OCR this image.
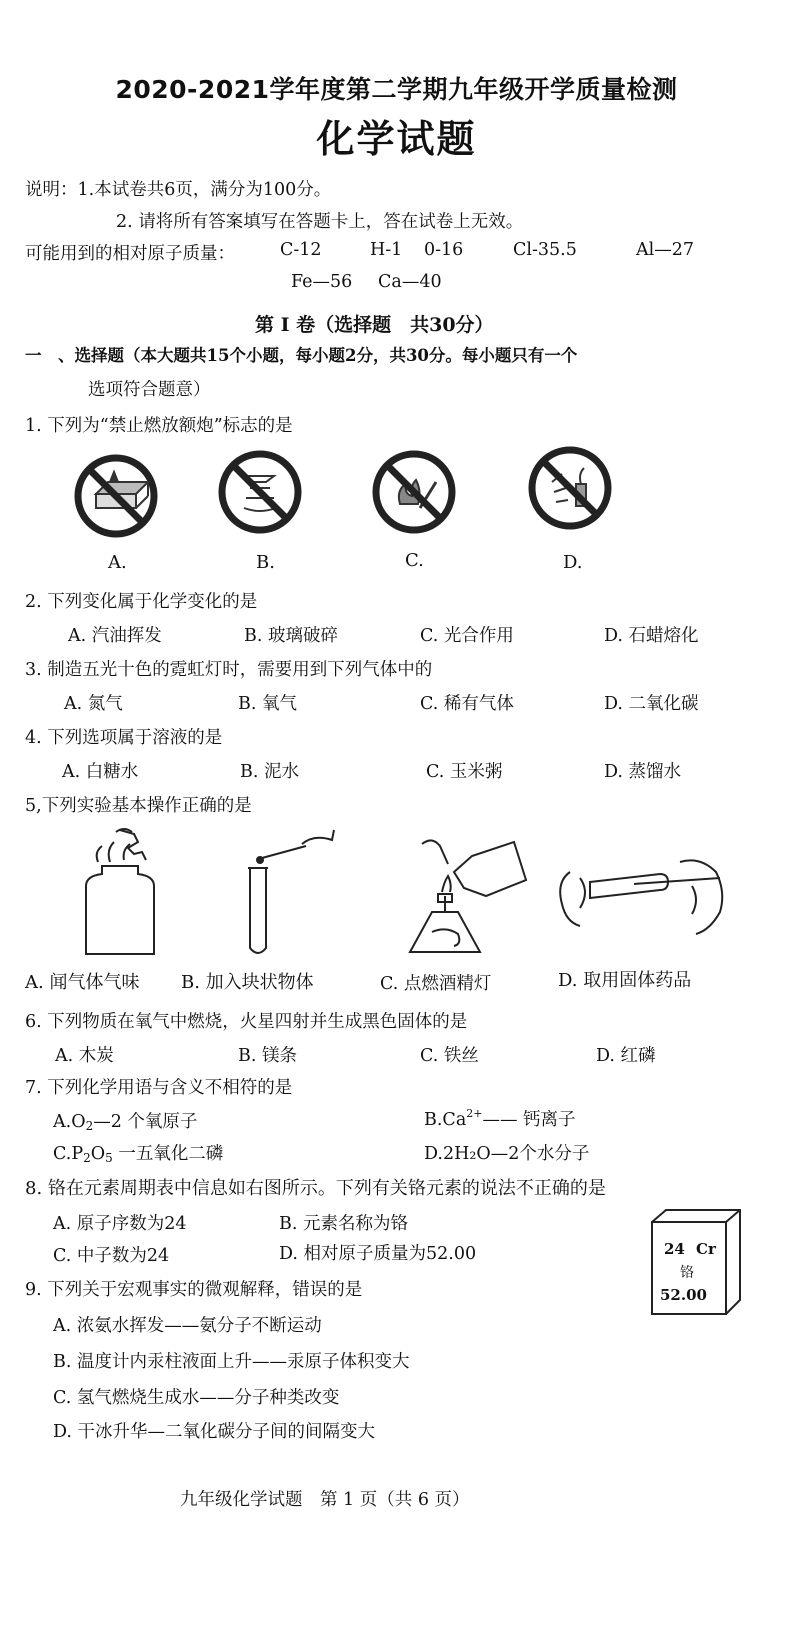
2020-2021学年度第二学期九年级开学质量检测
化学试题
说明：1.本试卷共6页，满分为100分。
2. 请将所有答案填写在答题卡上，答在试卷上无效。
可能用到的相对原子质量：	C-12	H-1 0-16	Cl-35.5	Al—27
Fe—56 Ca—40
第 I 卷（选择题　共30分）
一　、选择题（本大题共15个小题，每小题2分，共30分。每小题只有一个
选项符合题意）
1. 下列为“禁止燃放额炮”标志的是
A.	B.	C.	D.
2. 下列变化属于化学变化的是
A. 汽油挥发	B. 玻璃破碎	C. 光合作用	D. 石蜡熔化
3. 制造五光十色的霓虹灯时，需要用到下列气体中的
A. 氮气	B. 氧气	C. 稀有气体	D. 二氧化碳
4. 下列选项属于溶液的是
A. 白糖水	B. 泥水	C. 玉米粥	D. 蒸馏水
5,下列实验基本操作正确的是
A. 闻气体气味 B. 加入块状物体	C. 点燃酒精灯	D. 取用固体药品
6. 下列物质在氧气中燃烧，火星四射并生成黑色固体的是
A. 木炭	B. 镁条	C. 铁丝	D. 红磷
7. 下列化学用语与含义不相符的是
$A.O_2—2$ 个氧原子	$B.Ca^{2+}——$ 钙离子
$C.P_2O_5$ 一五氧化二磷	D.2H₂O—2个水分子
8. 铬在元素周期表中信息如右图所示。下列有关铬元素的说法不正确的是
A. 原子序数为24	B. 元素名称为铬
C. 中子数为24	D. 相对原子质量为52.00	24 Cr
铬
52.00
9. 下列关于宏观事实的微观解释，错误的是
A. 浓氨水挥发——氨分子不断运动
B. 温度计内汞柱液面上升——汞原子体积变大
C. 氢气燃烧生成水——分子种类改变
D. 干冰升华—二氧化碳分子间的间隔变大
九年级化学试题　第 1 页（共 6 页）
